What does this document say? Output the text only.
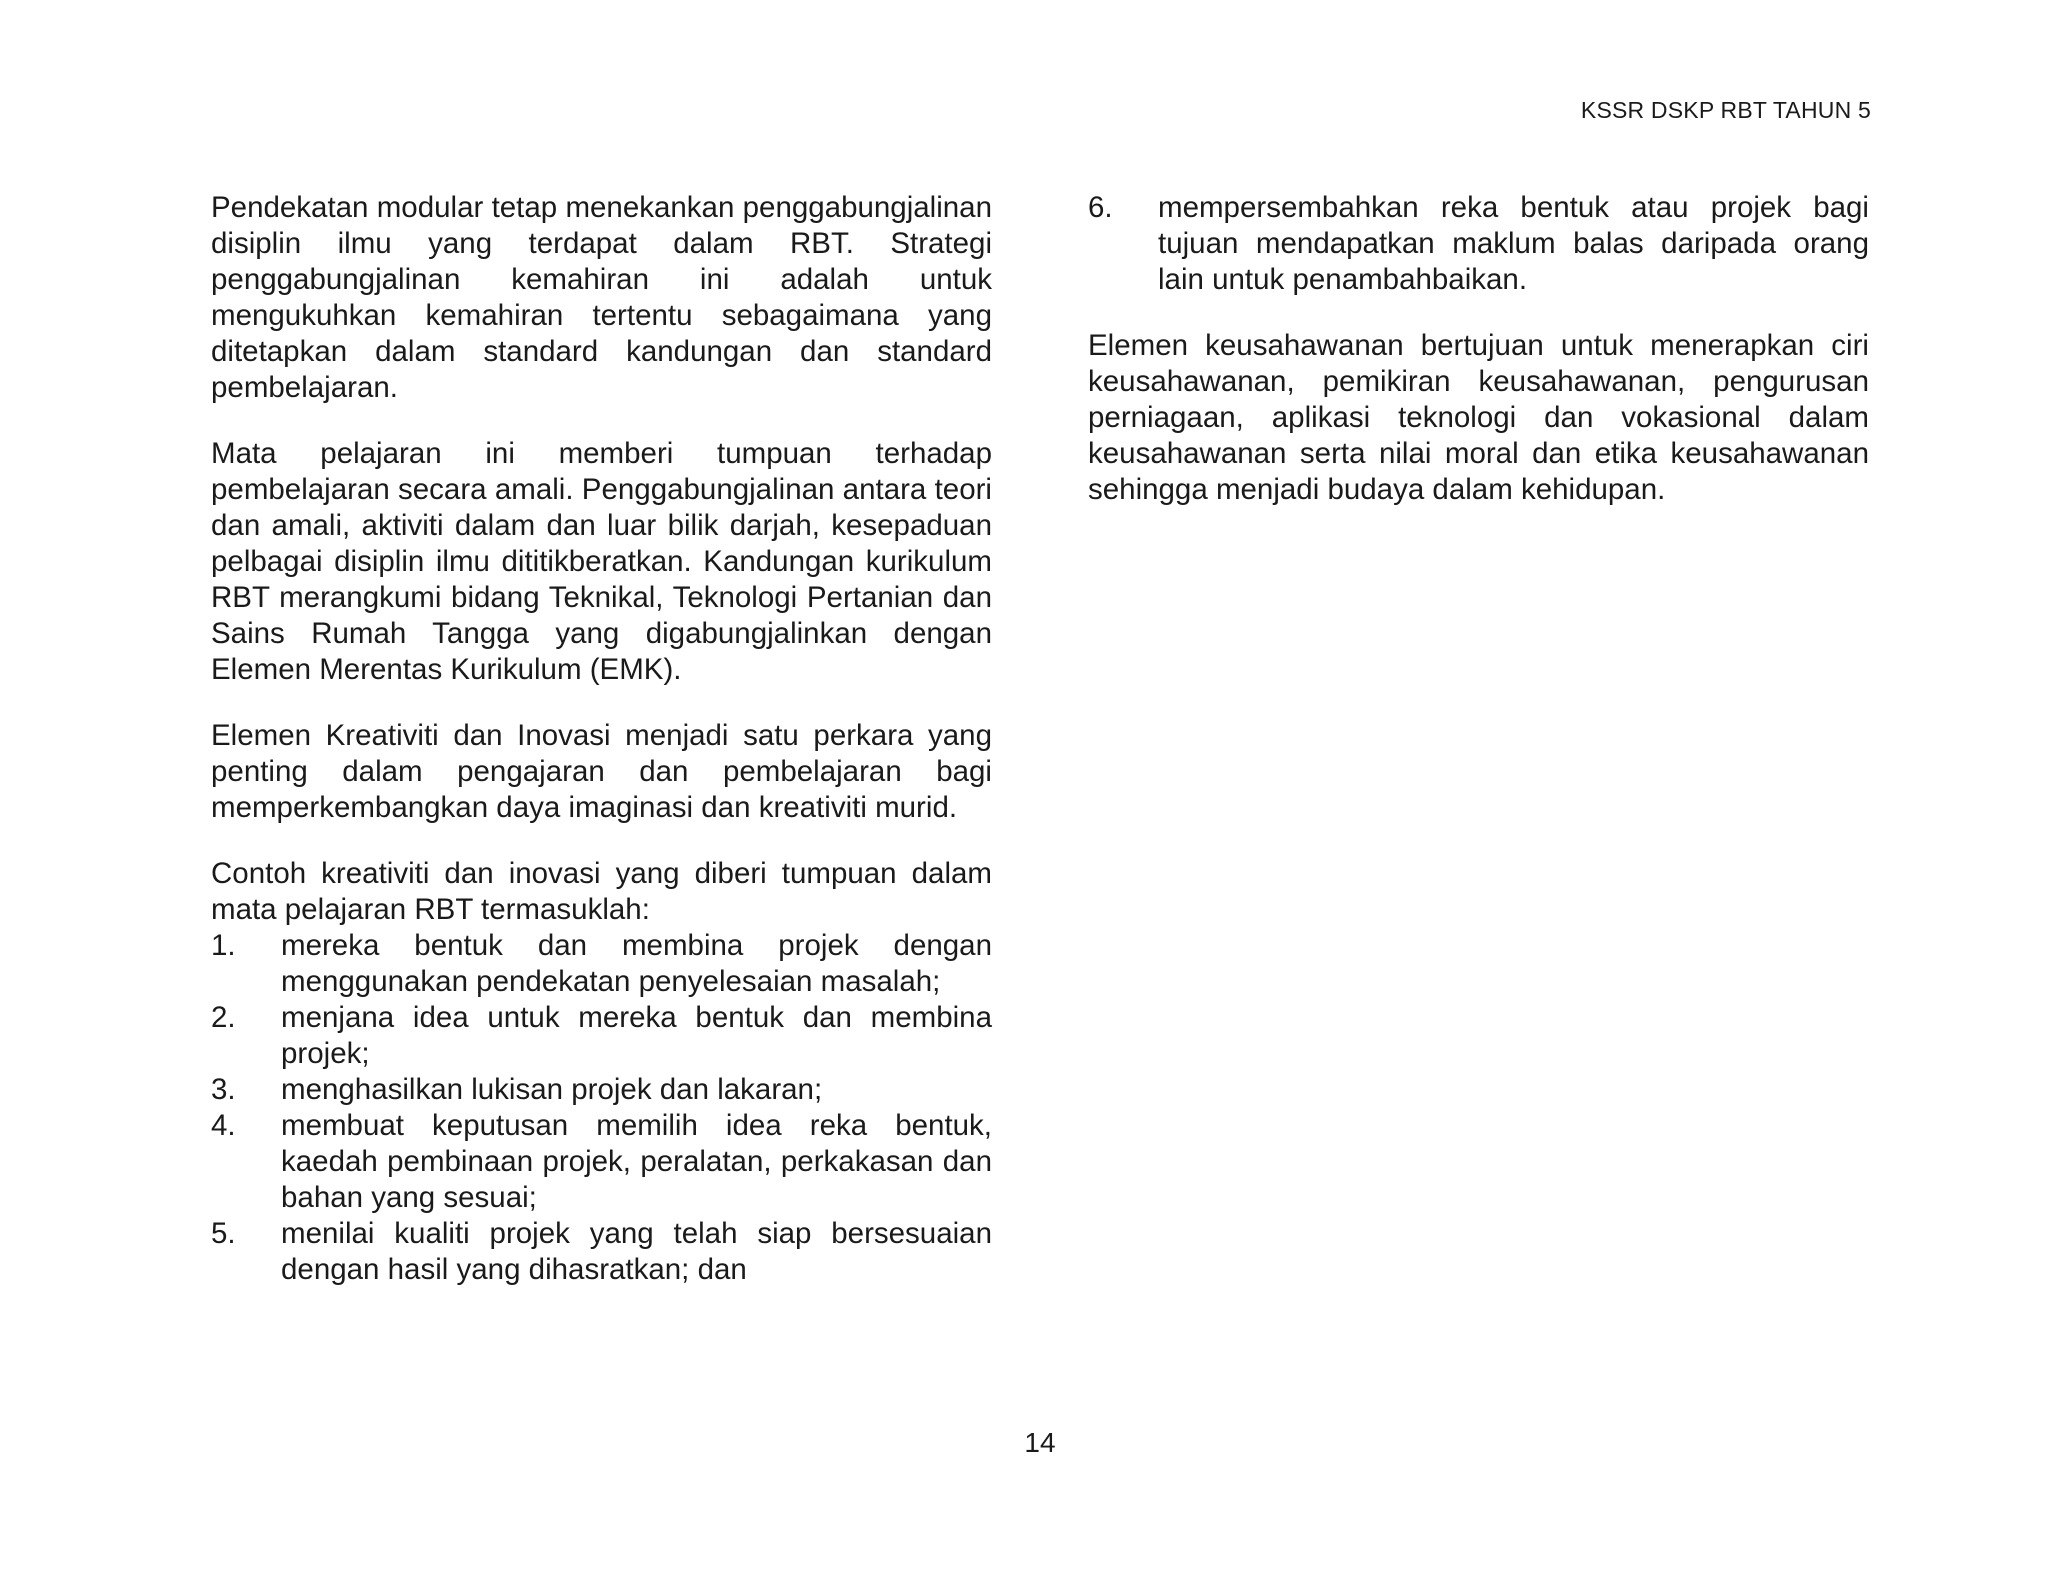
KSSR DSKP RBT TAHUN 5

Pendekatan modular tetap menekankan penggabungjalinan disiplin ilmu yang terdapat dalam RBT. Strategi penggabungjalinan kemahiran ini adalah untuk mengukuhkan kemahiran tertentu sebagaimana yang ditetapkan dalam standard kandungan dan standard pembelajaran.

Mata pelajaran ini memberi tumpuan terhadap pembelajaran secara amali. Penggabungjalinan antara teori dan amali, aktiviti dalam dan luar bilik darjah, kesepaduan pelbagai disiplin ilmu dititikberatkan. Kandungan kurikulum RBT merangkumi bidang Teknikal, Teknologi Pertanian dan Sains Rumah Tangga yang digabungjalinkan dengan Elemen Merentas Kurikulum (EMK).

Elemen Kreativiti dan Inovasi menjadi satu perkara yang penting dalam pengajaran dan pembelajaran bagi memperkembangkan daya imaginasi dan kreativiti murid.

Contoh kreativiti dan inovasi yang diberi tumpuan dalam mata pelajaran RBT termasuklah:

1. mereka bentuk dan membina projek dengan menggunakan pendekatan penyelesaian masalah;
2. menjana idea untuk mereka bentuk dan membina projek;
3. menghasilkan lukisan projek dan lakaran;
4. membuat keputusan memilih idea reka bentuk, kaedah pembinaan projek, peralatan, perkakasan dan bahan yang sesuai;
5. menilai kualiti projek yang telah siap bersesuaian dengan hasil yang dihasratkan; dan
6. mempersembahkan reka bentuk atau projek bagi tujuan mendapatkan maklum balas daripada orang lain untuk penambahbaikan.

Elemen keusahawanan bertujuan untuk menerapkan ciri keusahawanan, pemikiran keusahawanan, pengurusan perniagaan, aplikasi teknologi dan vokasional dalam keusahawanan serta nilai moral dan etika keusahawanan sehingga menjadi budaya dalam kehidupan.

14
